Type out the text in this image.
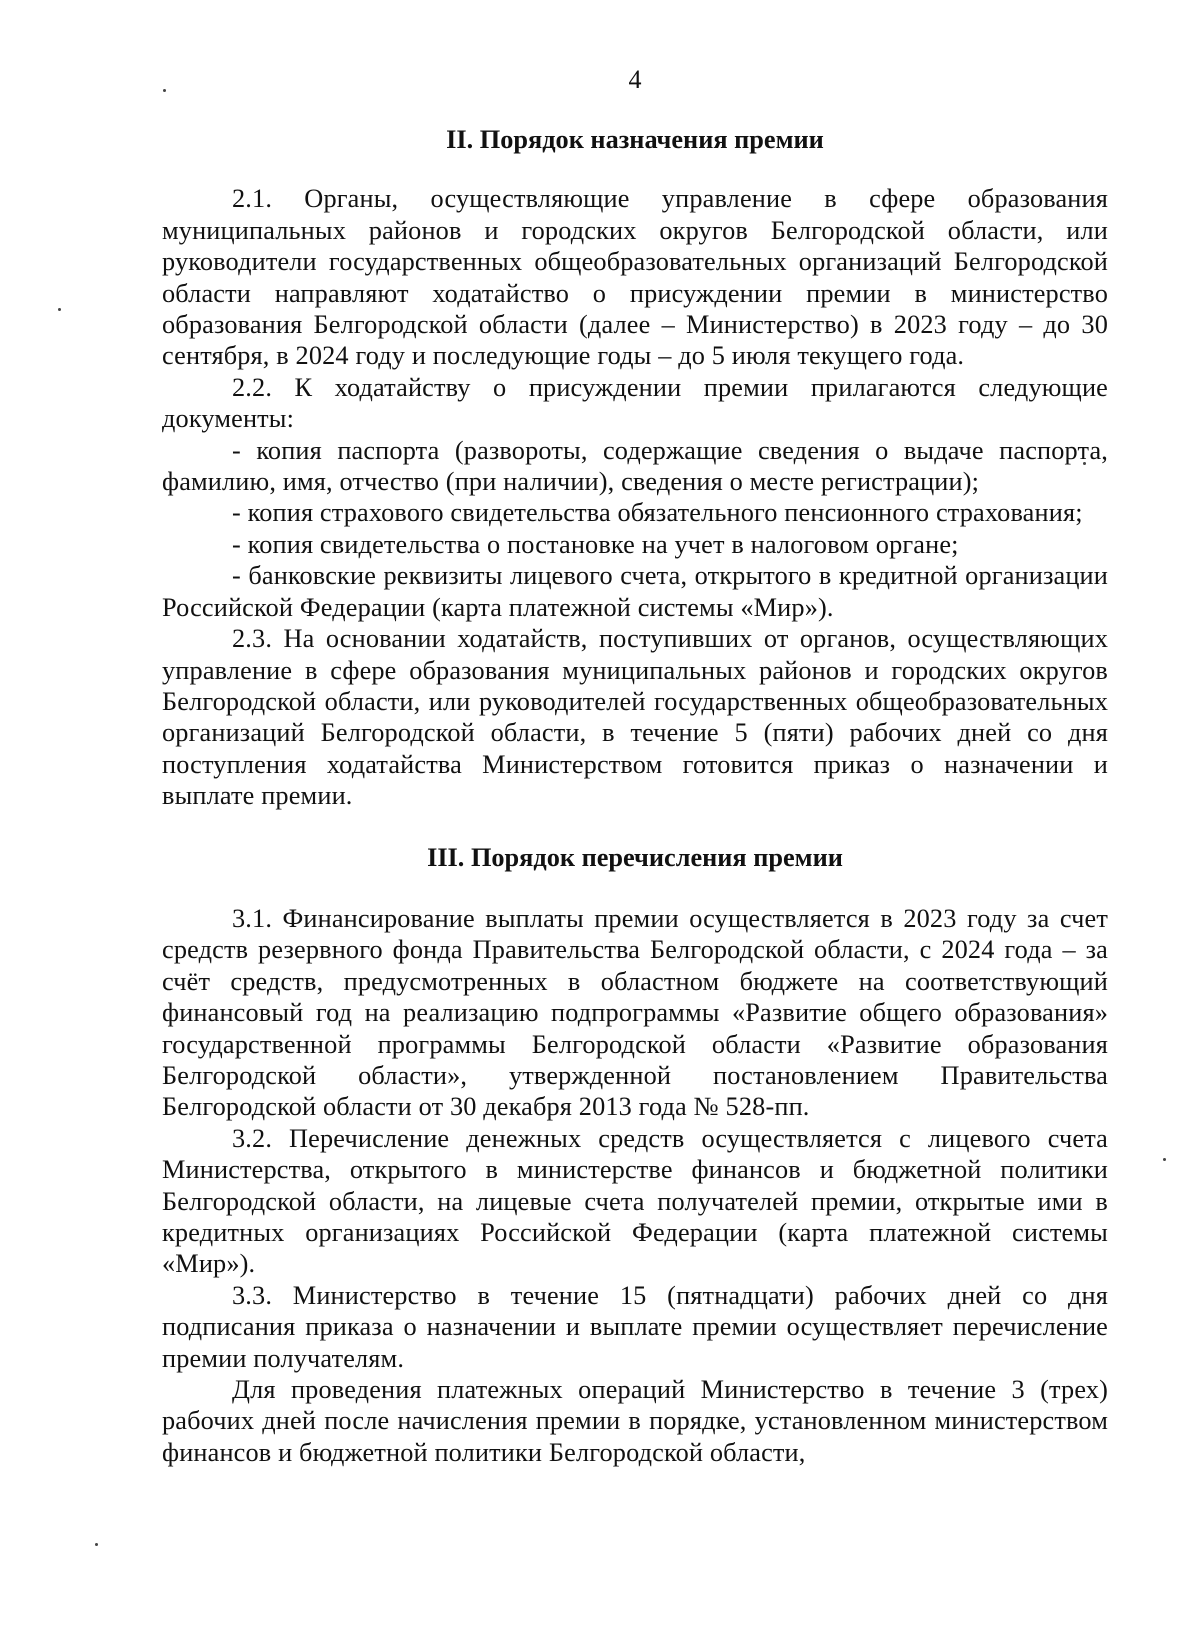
4
II. Порядок назначения премии

2.1. Органы, осуществляющие управление в сфере образования муниципальных районов и городских округов Белгородской области, или руководители государственных общеобразовательных организаций Белгородской области направляют ходатайство о присуждении премии в министерство образования Белгородской области (далее – Министерство) в 2023 году – до 30 сентября, в 2024 году и последующие годы – до 5 июля текущего года.

2.2. К ходатайству о присуждении премии прилагаются следующие документы:

- копия паспорта (развороты, содержащие сведения о выдаче паспорта, фамилию, имя, отчество (при наличии), сведения о месте регистрации);

- копия страхового свидетельства обязательного пенсионного страхования;

- копия свидетельства о постановке на учет в налоговом органе;

- банковские реквизиты лицевого счета, открытого в кредитной организации Российской Федерации (карта платежной системы «Мир»).

2.3. На основании ходатайств, поступивших от органов, осуществляющих управление в сфере образования муниципальных районов и городских округов Белгородской области, или руководителей государственных общеобразовательных организаций Белгородской области, в течение 5 (пяти) рабочих дней со дня поступления ходатайства Министерством готовится приказ о назначении и выплате премии.

III. Порядок перечисления премии

3.1. Финансирование выплаты премии осуществляется в 2023 году за счет средств резервного фонда Правительства Белгородской области, с 2024 года – за счёт средств, предусмотренных в областном бюджете на соответствующий финансовый год на реализацию подпрограммы «Развитие общего образования» государственной программы Белгородской области «Развитие образования Белгородской области», утвержденной постановлением Правительства Белгородской области от 30 декабря 2013 года № 528-пп.

3.2. Перечисление денежных средств осуществляется с лицевого счета Министерства, открытого в министерстве финансов и бюджетной политики Белгородской области, на лицевые счета получателей премии, открытые ими в кредитных организациях Российской Федерации (карта платежной системы «Мир»).

3.3. Министерство в течение 15 (пятнадцати) рабочих дней со дня подписания приказа о назначении и выплате премии осуществляет перечисление премии получателям.

Для проведения платежных операций Министерство в течение 3 (трех) рабочих дней после начисления премии в порядке, установленном министерством финансов и бюджетной политики Белгородской области,
